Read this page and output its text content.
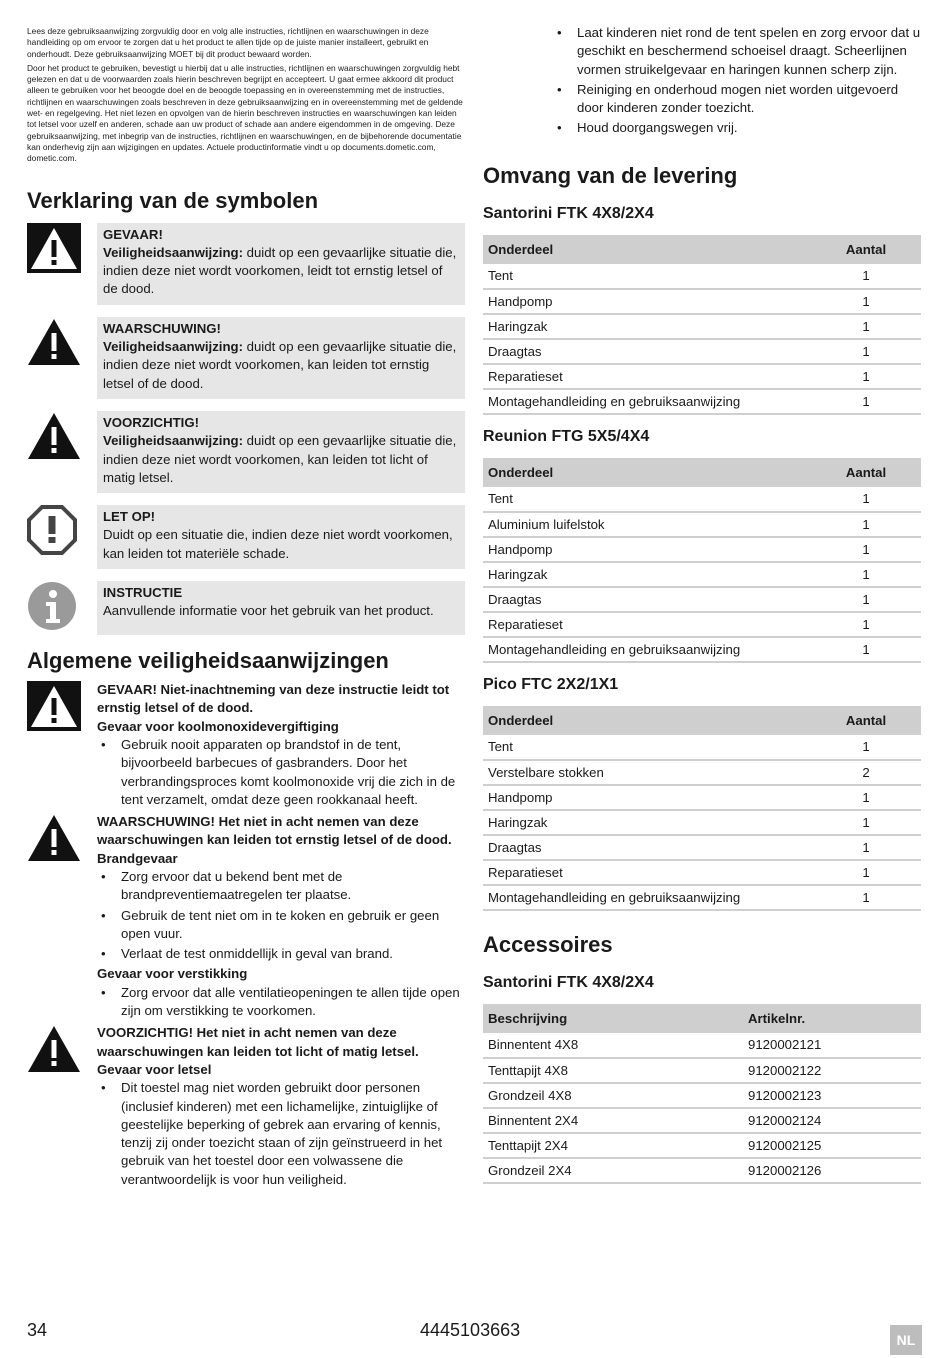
Lees deze gebruiksaanwijzing zorgvuldig door en volg alle instructies, richtlijnen en waarschuwingen in deze handleiding op om ervoor te zorgen dat u het product te allen tijde op de juiste manier installeert, gebruikt en onderhoudt. Deze gebruiksaanwijzing MOET bij dit product bewaard worden.

Door het product te gebruiken, bevestigt u hierbij dat u alle instructies, richtlijnen en waarschuwingen zorgvuldig hebt gelezen en dat u de voorwaarden zoals hierin beschreven begrijpt en accepteert. U gaat ermee akkoord dit product alleen te gebruiken voor het beoogde doel en de beoogde toepassing en in overeenstemming met de instructies, richtlijnen en waarschuwingen zoals beschreven in deze gebruiksaanwijzing en in overeenstemming met de geldende wet- en regelgeving. Het niet lezen en opvolgen van de hierin beschreven instructies en waarschuwingen kan leiden tot letsel voor uzelf en anderen, schade aan uw product of schade aan andere eigendommen in de omgeving. Deze gebruiksaanwijzing, met inbegrip van de instructies, richtlijnen en waarschuwingen, en de bijbehorende documentatie kan onderhevig zijn aan wijzigingen en updates. Actuele productinformatie vindt u op documents.dometic.com, dometic.com.

Verklaring van de symbolen
GEVAAR!
Veiligheidsaanwijzing: duidt op een gevaarlijke situatie die, indien deze niet wordt voorkomen, leidt tot ernstig letsel of de dood.
WAARSCHUWING!
Veiligheidsaanwijzing: duidt op een gevaarlijke situatie die, indien deze niet wordt voorkomen, kan leiden tot ernstig letsel of de dood.
VOORZICHTIG!
Veiligheidsaanwijzing: duidt op een gevaarlijke situatie die, indien deze niet wordt voorkomen, kan leiden tot licht of matig letsel.
LET OP!
Duidt op een situatie die, indien deze niet wordt voorkomen, kan leiden tot materiële schade.
INSTRUCTIE
Aanvullende informatie voor het gebruik van het product.
Algemene veiligheidsaanwijzingen
GEVAAR! Niet-inachtneming van deze instructie leidt tot ernstig letsel of de dood.
Gevaar voor koolmonoxidevergiftiging
• Gebruik nooit apparaten op brandstof in de tent, bijvoorbeeld barbecues of gasbranders. Door het verbrandingsproces komt koolmonoxide vrij die zich in de tent verzamelt, omdat deze geen rookkanaal heeft.
WAARSCHUWING! Het niet in acht nemen van deze waarschuwingen kan leiden tot ernstig letsel of de dood.
Brandgevaar
• Zorg ervoor dat u bekend bent met de brandpreventiemaatregelen ter plaatse.
• Gebruik de tent niet om in te koken en gebruik er geen open vuur.
• Verlaat de test onmiddellijk in geval van brand.
Gevaar voor verstikking
• Zorg ervoor dat alle ventilatieopeningen te allen tijde open zijn om verstikking te voorkomen.
VOORZICHTIG! Het niet in acht nemen van deze waarschuwingen kan leiden tot licht of matig letsel.
Gevaar voor letsel
• Dit toestel mag niet worden gebruikt door personen (inclusief kinderen) met een lichamelijke, zintuiglijke of geestelijke beperking of gebrek aan ervaring of kennis, tenzij zij onder toezicht staan of zijn geïnstrueerd in het gebruik van het toestel door een volwassene die verantwoordelijk is voor hun veiligheid.
• Laat kinderen niet rond de tent spelen en zorg ervoor dat u geschikt en beschermend schoeisel draagt. Scheerlijnen vormen struikelgevaar en haringen kunnen scherp zijn.
• Reiniging en onderhoud mogen niet worden uitgevoerd door kinderen zonder toezicht.
• Houd doorgangswegen vrij.
Omvang van de levering
Santorini FTK 4X8/2X4
Onderdeel	Aantal
Tent	1
Handpomp	1
Haringzak	1
Draagtas	1
Reparatieset	1
Montagehandleiding en gebruiksaanwijzing	1
Reunion FTG 5X5/4X4
Onderdeel	Aantal
Tent	1
Aluminium luifelstok	1
Handpomp	1
Haringzak	1
Draagtas	1
Reparatieset	1
Montagehandleiding en gebruiksaanwijzing	1
Pico FTC 2X2/1X1
Onderdeel	Aantal
Tent	1
Verstelbare stokken	2
Handpomp	1
Haringzak	1
Draagtas	1
Reparatieset	1
Montagehandleiding en gebruiksaanwijzing	1
Accessoires
Santorini FTK 4X8/2X4
Beschrijving	Artikelnr.
Binnentent 4X8	9120002121
Tenttapijt 4X8	9120002122
Grondzeil 4X8	9120002123
Binnentent 2X4	9120002124
Tenttapijt 2X4	9120002125
Grondzeil 2X4	9120002126
34	4445103663	NL
